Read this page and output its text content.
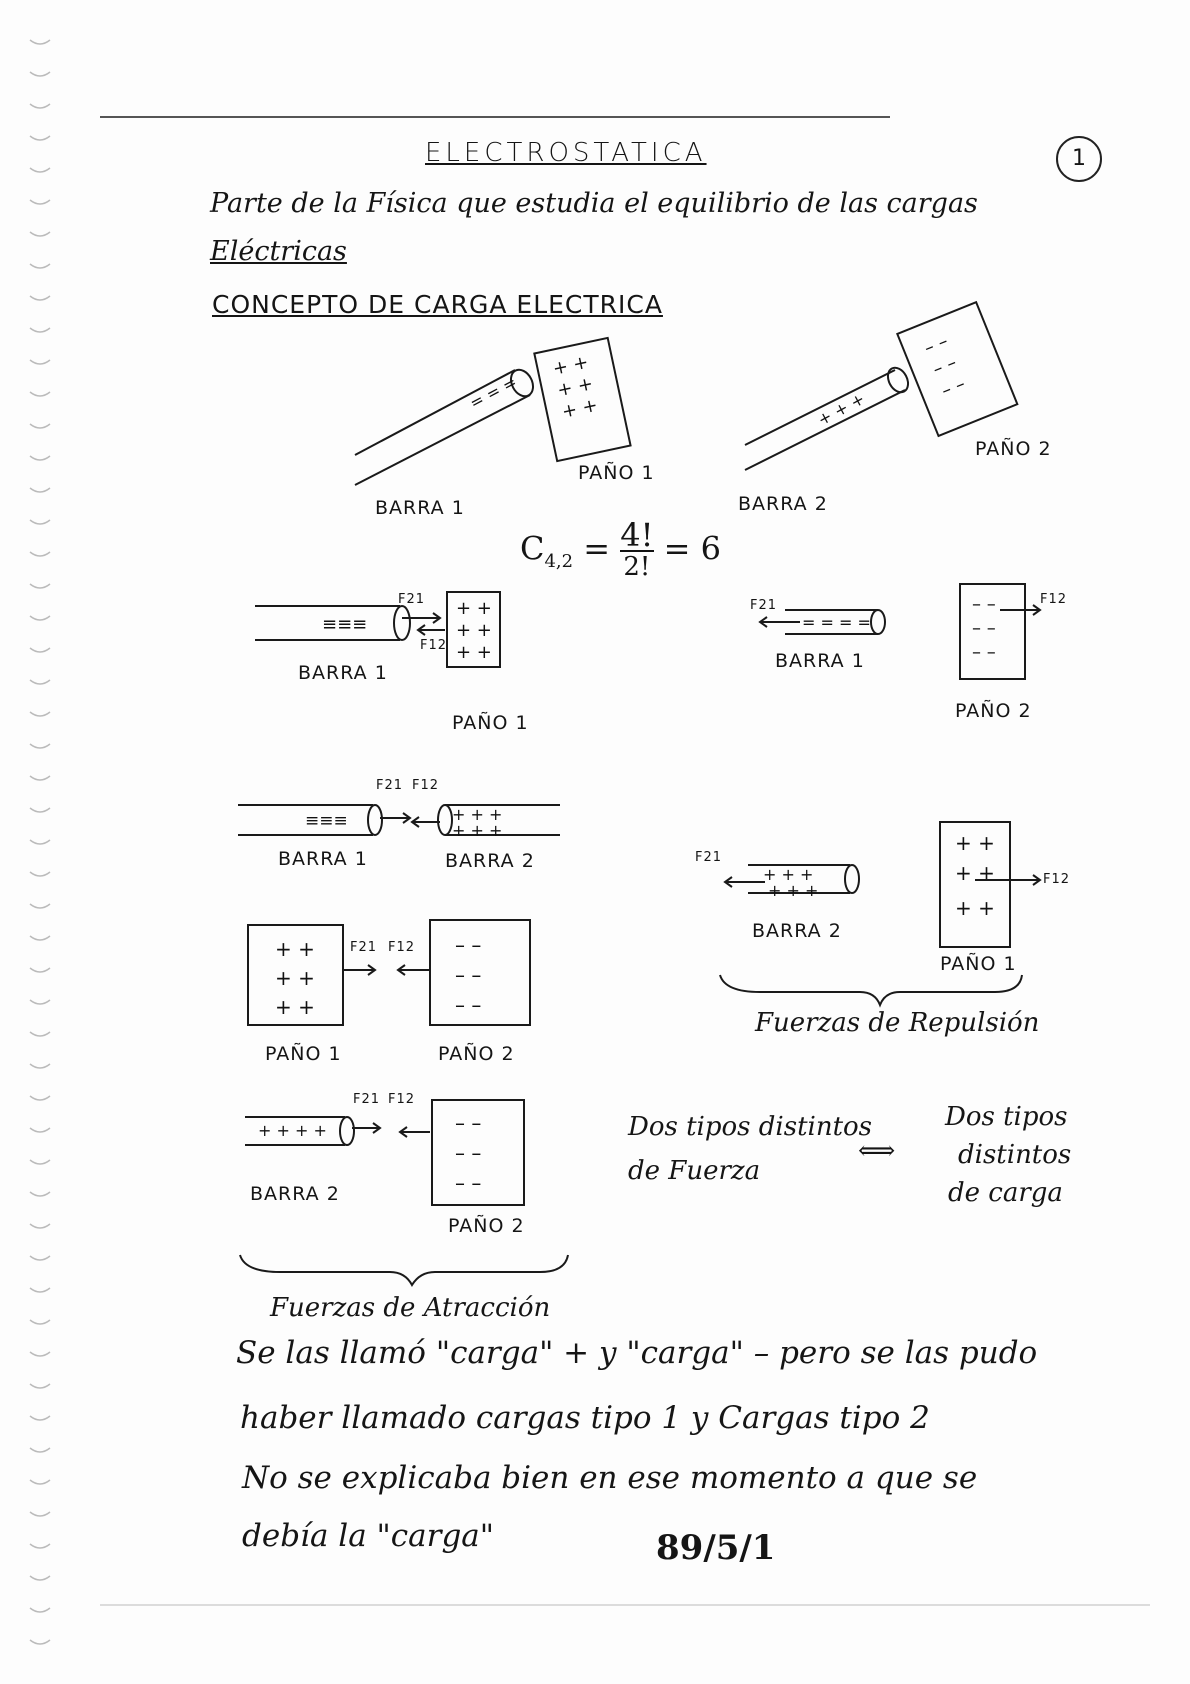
ELECTROSTATICA	1
Parte de la Física que estudia el equilibrio de las cargas
Eléctricas
CONCEPTO DE CARGA ELECTRICA
= = =
+ +
+ +
+ +	+ + +
– –
– –
– –
≡≡≡
+ +
+ +
+ +
= = = =
– –
– –
– –
≡≡≡	+ + +
+ + +
+ + +
+ + +
+ +
+ +
+ +
+ +
+ +
+ +
– –
– –
– –
+ + + +	– –
– –
– –
PAÑO 1
PAÑO 2
BARRA 1	BARRA 2
$C_{4,2} = 4$!
2! = 6
F21
F12
BARRA 1
PAÑO 1
F21	F12
BARRA 1
PAÑO 2
F21 F12
BARRA 1	BARRA 2	F21
F12
BARRA 2
PAÑO 1
Fuerzas de Repulsión
F21 F12
PAÑO 1	PAÑO 2
F21 F12
BARRA 2
PAÑO 2
Fuerzas de Atracción
Dos tipos distintos
de Fuerza
⟺
Dos tipos
distintos
de carga
Se las llamó "carga" + y "carga" – pero se las pudo
haber llamado cargas tipo 1 y Cargas tipo 2
No se explicaba bien en ese momento a que se
debía la "carga"	89/5/1
